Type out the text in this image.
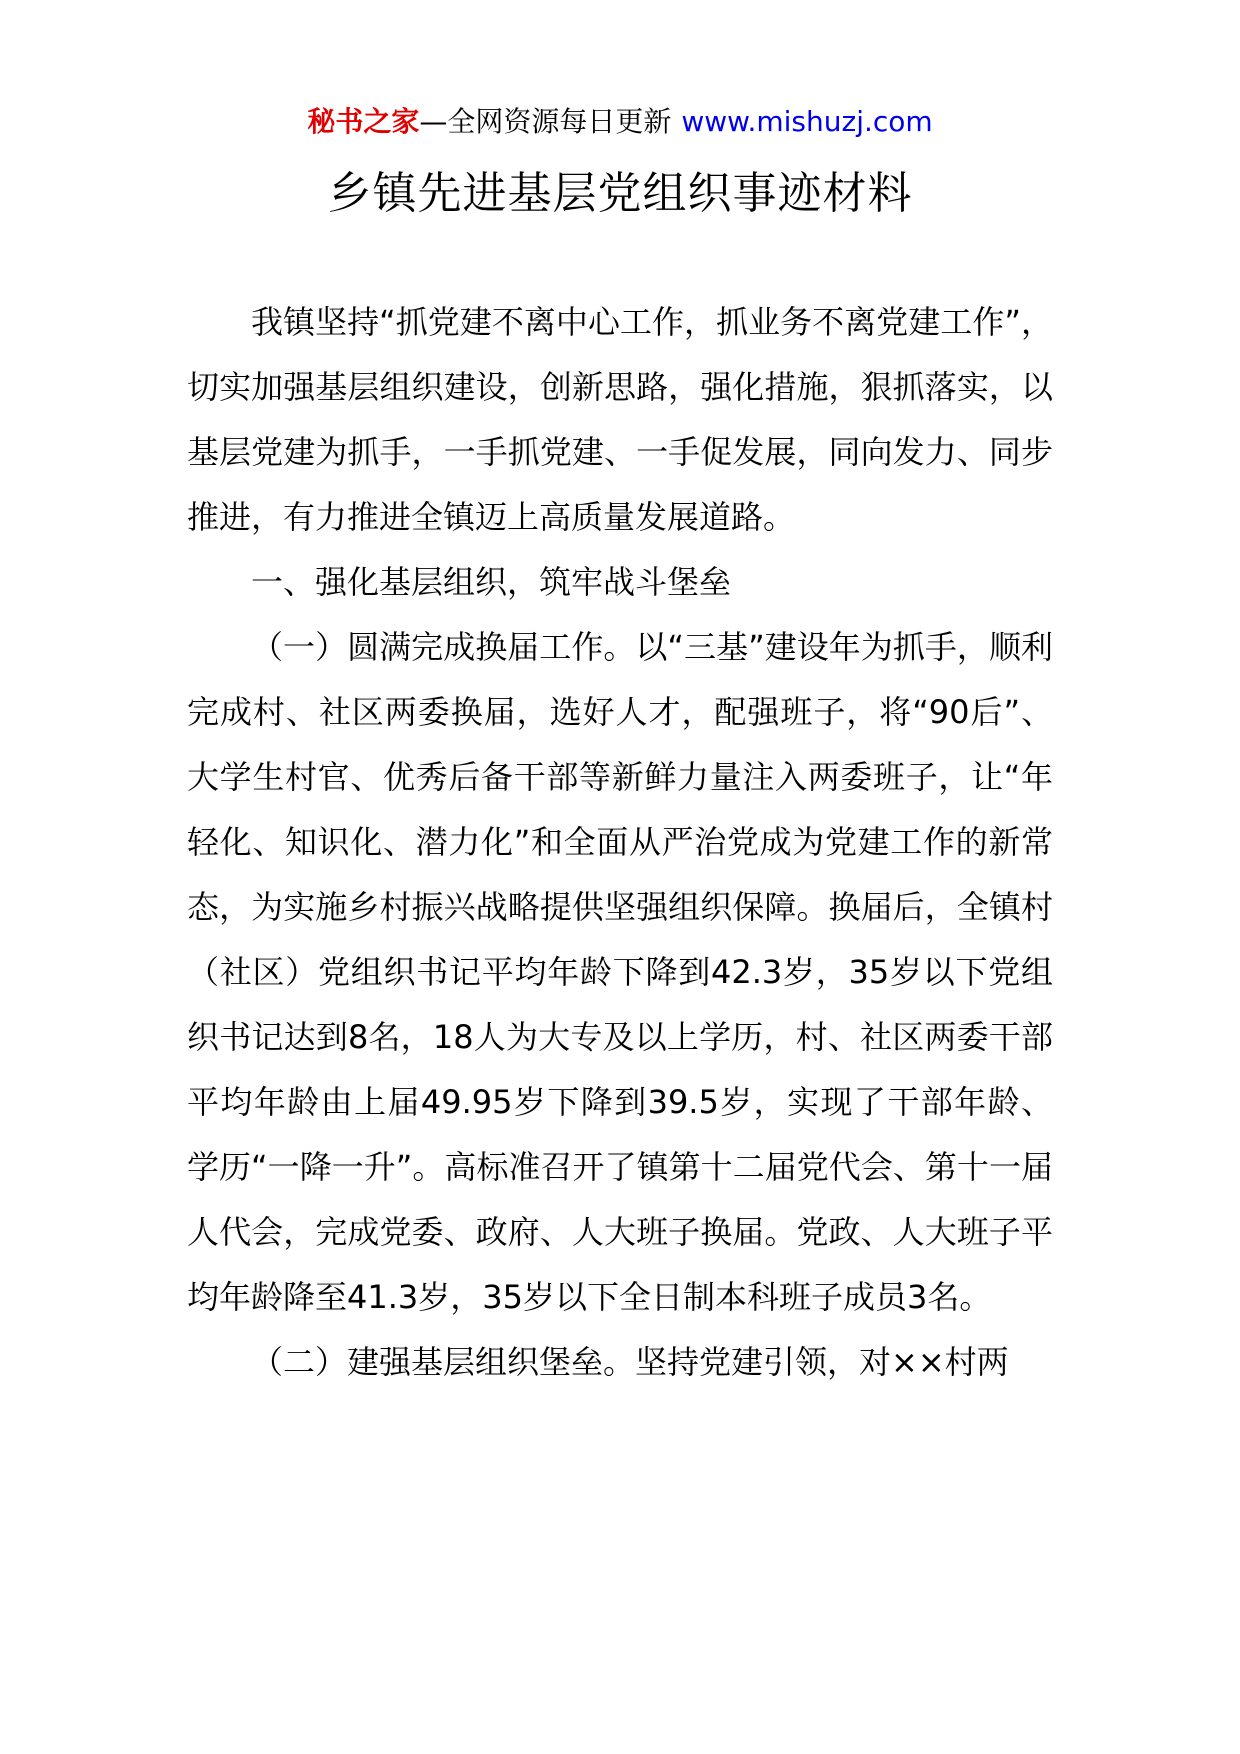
秘书之家—全网资源每日更新 www.mishuzj.com
乡镇先进基层党组织事迹材料

我镇坚持“抓党建不离中心工作，抓业务不离党建工作”，切实加强基层组织建设，创新思路，强化措施，狠抓落实，以基层党建为抓手，一手抓党建、一手促发展，同向发力、同步推进，有力推进全镇迈上高质量发展道路。

一、强化基层组织，筑牢战斗堡垒

（一）圆满完成换届工作。以“三基”建设年为抓手，顺利完成村、社区两委换届，选好人才，配强班子，将“90后”、大学生村官、优秀后备干部等新鲜力量注入两委班子，让“年轻化、知识化、潜力化”和全面从严治党成为党建工作的新常态，为实施乡村振兴战略提供坚强组织保障。换届后，全镇村（社区）党组织书记平均年龄下降到42.3岁，35岁以下党组织书记达到8名，18人为大专及以上学历，村、社区两委干部平均年龄由上届49.95岁下降到39.5岁，实现了干部年龄、学历“一降一升”。高标准召开了镇第十二届党代会、第十一届人代会，完成党委、政府、人大班子换届。党政、人大班子平均年龄降至41.3岁，35岁以下全日制本科班子成员3名。

（二）建强基层组织堡垒。坚持党建引领，对××村两
